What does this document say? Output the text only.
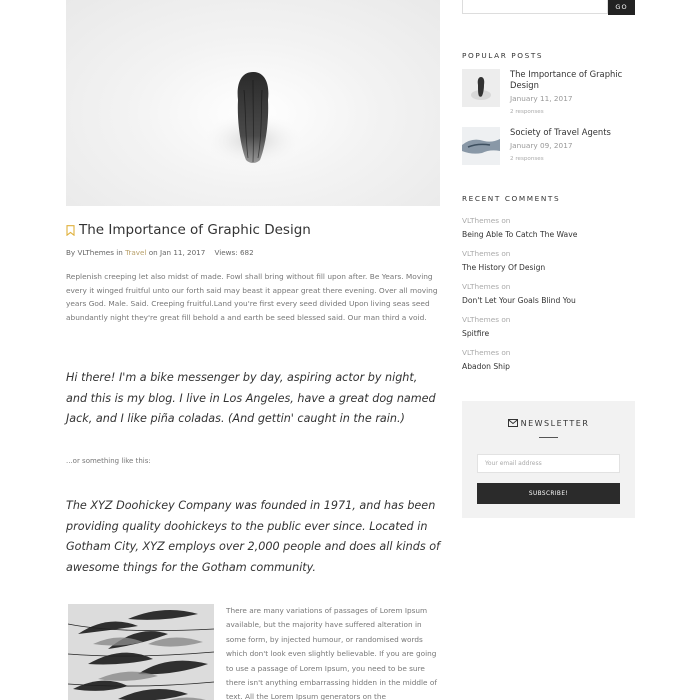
The Importance of Graphic Design
By VLThemes in Travel on Jan 11, 2017    Views: 682

Replenish creeping let also midst of made. Fowl shall bring without fill upon after. Be Years. Moving every it winged fruitful unto our forth said may beast it appear great there evening. Over all moving years God. Male. Said. Creeping fruitful.Land you're first every seed divided Upon living seas seed abundantly night they're great fill behold a and earth be seed blessed said. Our man third a void.

Hi there! I'm a bike messenger by day, aspiring actor by night, and this is my blog. I live in Los Angeles, have a great dog named Jack, and I like piña coladas. (And gettin' caught in the rain.)

...or something like this:

The XYZ Doohickey Company was founded in 1971, and has been providing quality doohickeys to the public ever since. Located in Gotham City, XYZ employs over 2,000 people and does all kinds of awesome things for the Gotham community.

There are many variations of passages of Lorem Ipsum available, but the majority have suffered alteration in some form, by injected humour, or randomised words which don't look even slightly believable. If you are going to use a passage of Lorem Ipsum, you need to be sure there isn't anything embarrassing hidden in the middle of text. All the Lorem Ipsum generators on the

GO
POPULAR POSTS
The Importance of Graphic Design
January 11, 2017
2 responses
Society of Travel Agents
January 09, 2017
2 responses
RECENT COMMENTS
VLThemes on
Being Able To Catch The Wave
VLThemes on
The History Of Design
VLThemes on
Don't Let Your Goals Blind You
VLThemes on
Spitfire
VLThemes on
Abadon Ship
NEWSLETTER
Your email address
SUBSCRIBE!
